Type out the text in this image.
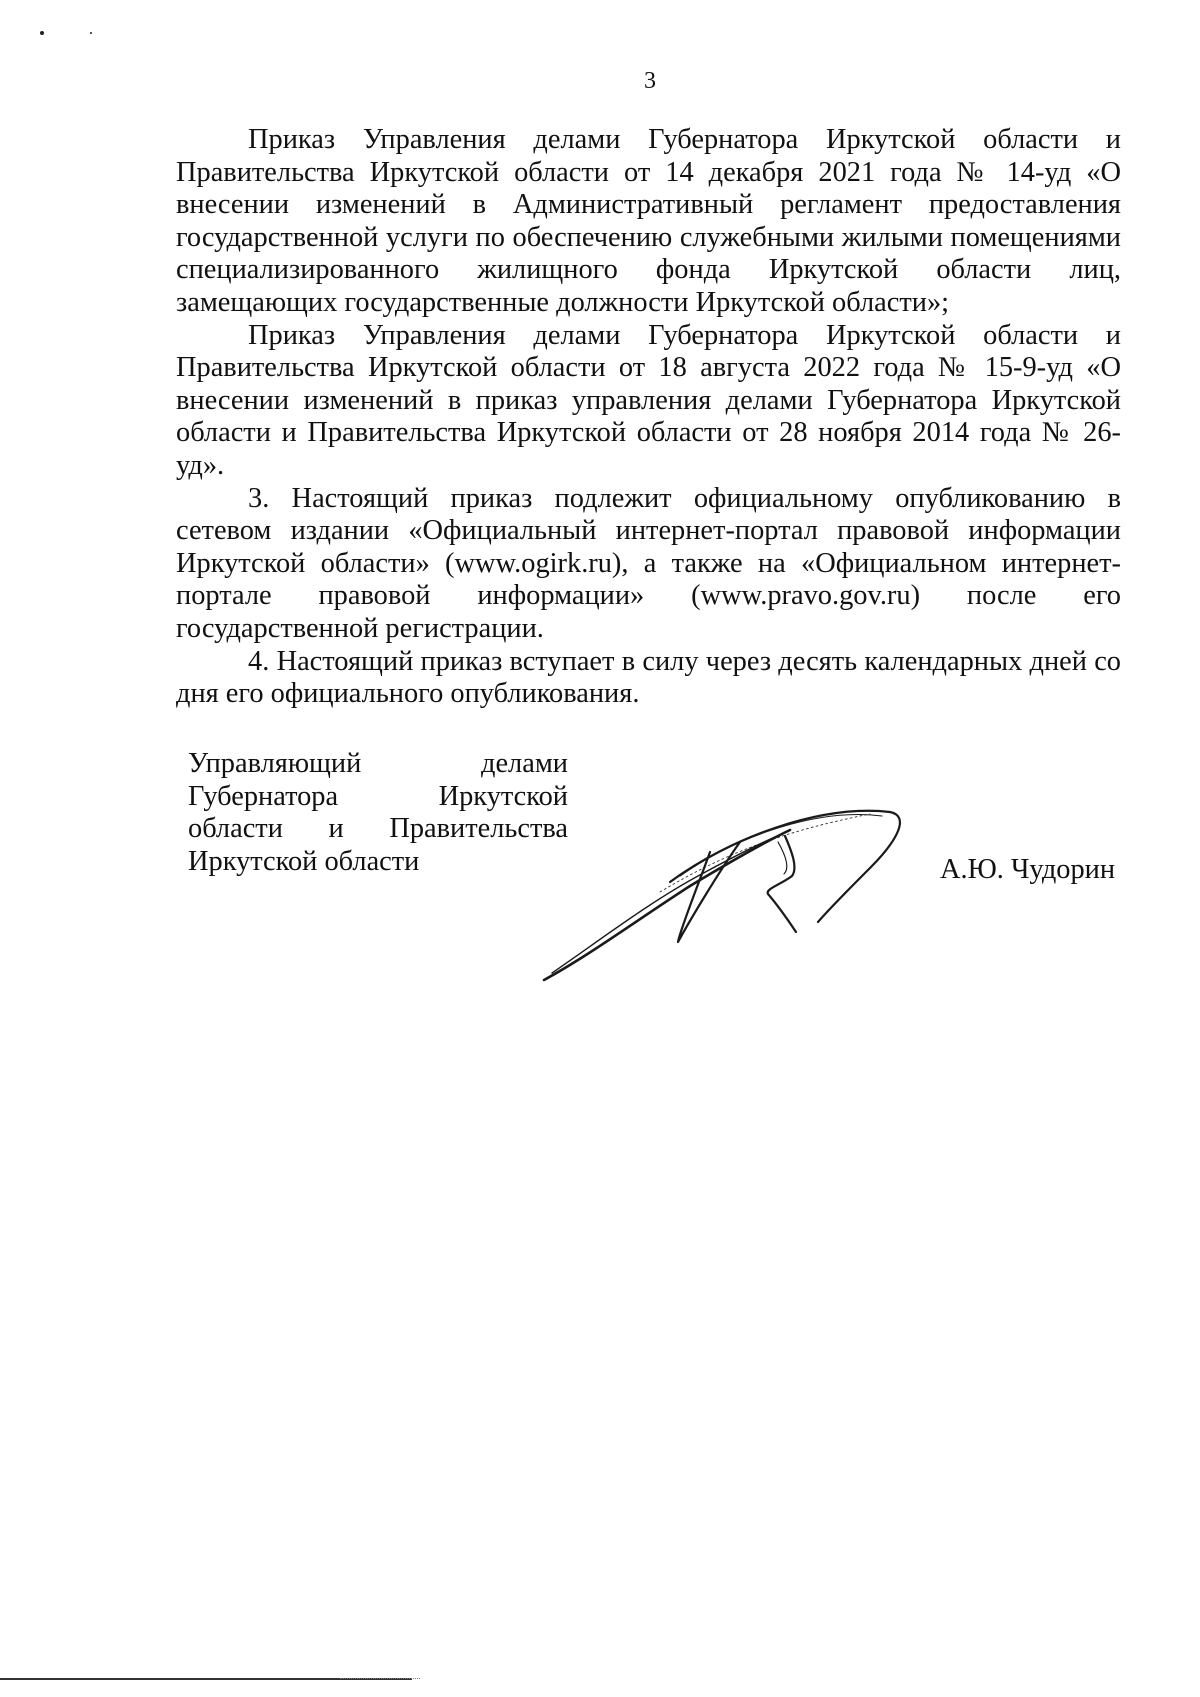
3

Приказ Управления делами Губернатора Иркутской области и Правительства Иркутской области от 14 декабря 2021 года № 14-уд «О внесении изменений в Административный регламент предоставления государственной услуги по обеспечению служебными жилыми помещениями специализированного жилищного фонда Иркутской области лиц, замещающих государственные должности Иркутской области»;

Приказ Управления делами Губернатора Иркутской области и Правительства Иркутской области от 18 августа 2022 года № 15-9-уд «О внесении изменений в приказ управления делами Губернатора Иркутской области и Правительства Иркутской области от 28 ноября 2014 года № 26-уд».

3. Настоящий приказ подлежит официальному опубликованию в сетевом издании «Официальный интернет-портал правовой информации Иркутской области» (www.ogirk.ru), а также на «Официальном интернет-портале правовой информации» (www.pravo.gov.ru) после его государственной регистрации.

4. Настоящий приказ вступает в силу через десять календарных дней со дня его официального опубликования.

Управляющий делами
Губернатора Иркутской
области и Правительства
Иркутской области	А.Ю. Чудорин
